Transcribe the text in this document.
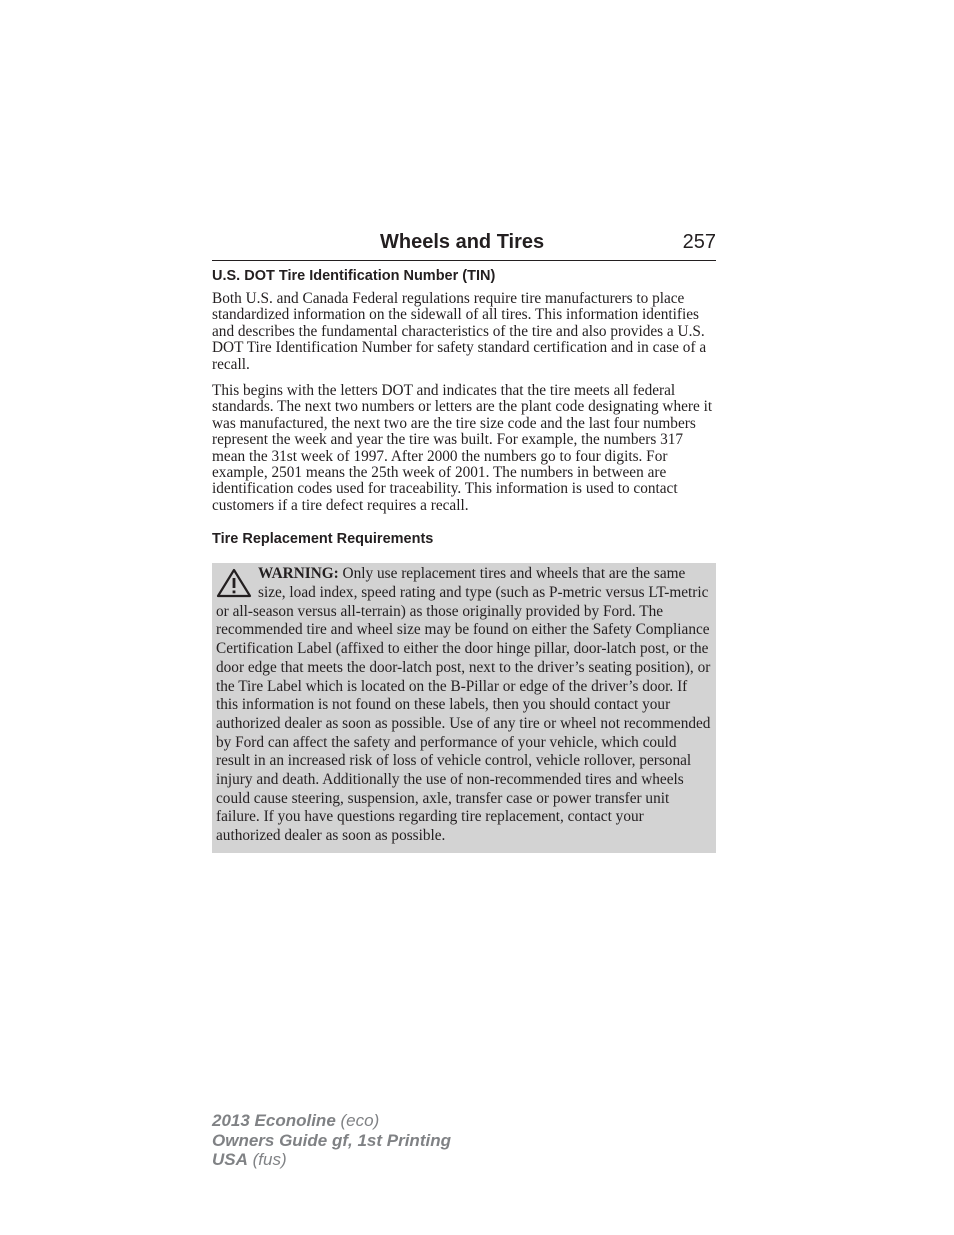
Wheels and Tires	257
U.S. DOT Tire Identification Number (TIN)

Both U.S. and Canada Federal regulations require tire manufacturers to place standardized information on the sidewall of all tires. This information identifies and describes the fundamental characteristics of the tire and also provides a U.S. DOT Tire Identification Number for safety standard certification and in case of a recall.

This begins with the letters DOT and indicates that the tire meets all federal standards. The next two numbers or letters are the plant code designating where it was manufactured, the next two are the tire size code and the last four numbers represent the week and year the tire was built. For example, the numbers 317 mean the 31st week of 1997. After 2000 the numbers go to four digits. For example, 2501 means the 25th week of 2001. The numbers in between are identification codes used for traceability. This information is used to contact customers if a tire defect requires a recall.

Tire Replacement Requirements

WARNING: Only use replacement tires and wheels that are the same size, load index, speed rating and type (such as P-metric versus LT-metric or all-season versus all-terrain) as those originally provided by Ford. The recommended tire and wheel size may be found on either the Safety Compliance Certification Label (affixed to either the door hinge pillar, door-latch post, or the door edge that meets the door-latch post, next to the driver’s seating position), or the Tire Label which is located on the B-Pillar or edge of the driver’s door. If this information is not found on these labels, then you should contact your authorized dealer as soon as possible. Use of any tire or wheel not recommended by Ford can affect the safety and performance of your vehicle, which could result in an increased risk of loss of vehicle control, vehicle rollover, personal injury and death. Additionally the use of non-recommended tires and wheels could cause steering, suspension, axle, transfer case or power transfer unit failure. If you have questions regarding tire replacement, contact your authorized dealer as soon as possible.

2013 Econoline (eco)
Owners Guide gf, 1st Printing
USA (fus)
